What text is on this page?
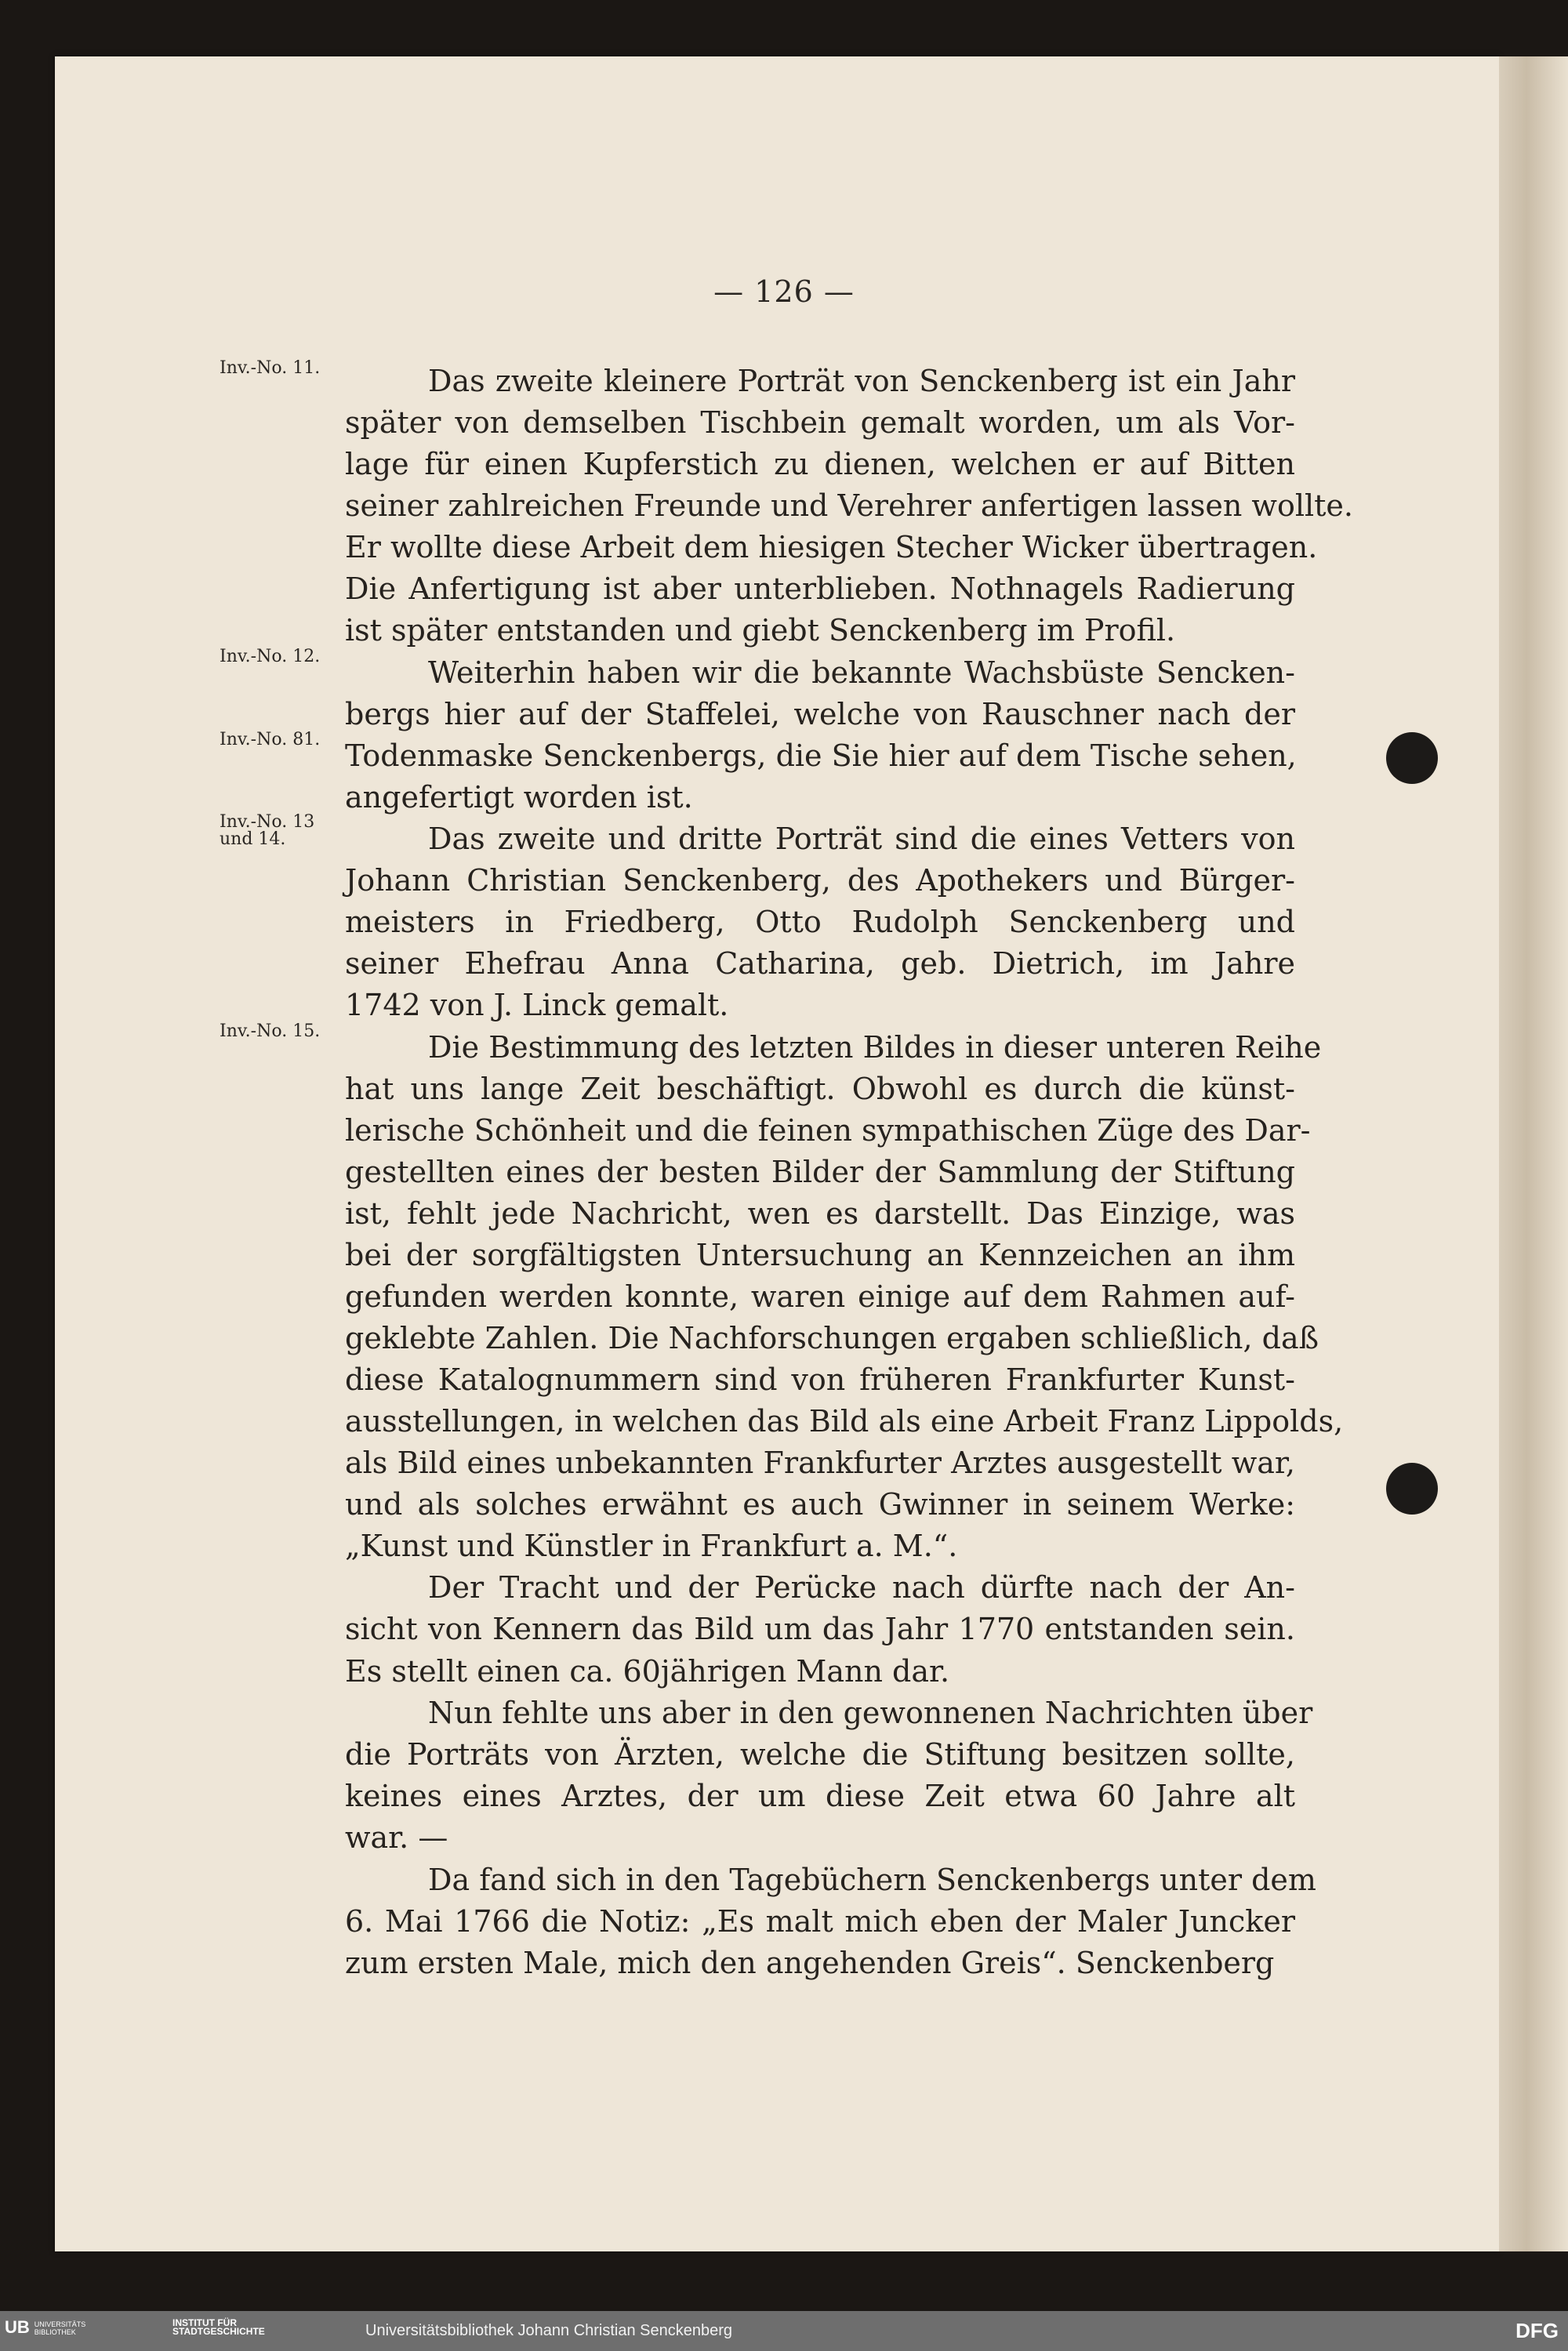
— 126 —
Inv.-No. 11.
Inv.-No. 12.
Inv.-No. 81.
Inv.-No. 13
und 14.
Inv.-No. 15.
Das zweite kleinere Porträt von Senckenberg ist ein Jahr
später von demselben Tischbein gemalt worden, um als Vor-
lage für einen Kupferstich zu dienen, welchen er auf Bitten
seiner zahlreichen Freunde und Verehrer anfertigen lassen wollte.
Er wollte diese Arbeit dem hiesigen Stecher Wicker übertragen.
Die Anfertigung ist aber unterblieben. Nothnagels Radierung
ist später entstanden und giebt Senckenberg im Profil.
Weiterhin haben wir die bekannte Wachsbüste Sencken-
bergs hier auf der Staffelei, welche von Rauschner nach der
Todenmaske Senckenbergs, die Sie hier auf dem Tische sehen,
angefertigt worden ist.
Das zweite und dritte Porträt sind die eines Vetters von
Johann Christian Senckenberg, des Apothekers und Bürger-
meisters in Friedberg, Otto Rudolph Senckenberg und
seiner Ehefrau Anna Catharina, geb. Dietrich, im Jahre
1742 von J. Linck gemalt.
Die Bestimmung des letzten Bildes in dieser unteren Reihe
hat uns lange Zeit beschäftigt. Obwohl es durch die künst-
lerische Schönheit und die feinen sympathischen Züge des Dar-
gestellten eines der besten Bilder der Sammlung der Stiftung
ist, fehlt jede Nachricht, wen es darstellt. Das Einzige, was
bei der sorgfältigsten Untersuchung an Kennzeichen an ihm
gefunden werden konnte, waren einige auf dem Rahmen auf-
geklebte Zahlen. Die Nachforschungen ergaben schließlich, daß
diese Katalognummern sind von früheren Frankfurter Kunst-
ausstellungen, in welchen das Bild als eine Arbeit Franz Lippolds,
als Bild eines unbekannten Frankfurter Arztes ausgestellt war,
und als solches erwähnt es auch Gwinner in seinem Werke:
„Kunst und Künstler in Frankfurt a. M.“.
Der Tracht und der Perücke nach dürfte nach der An-
sicht von Kennern das Bild um das Jahr 1770 entstanden sein.
Es stellt einen ca. 60jährigen Mann dar.
Nun fehlte uns aber in den gewonnenen Nachrichten über
die Porträts von Ärzten, welche die Stiftung besitzen sollte,
keines eines Arztes, der um diese Zeit etwa 60 Jahre alt
war. —
Da fand sich in den Tagebüchern Senckenbergs unter dem
6. Mai 1766 die Notiz: „Es malt mich eben der Maler Juncker
zum ersten Male, mich den angehenden Greis“. Senckenberg
UB UNIVERSITÄTS
BIBLIOTHEK
INSTITUT FÜR
STADTGESCHICHTE	Universitätsbibliothek Johann Christian Senckenberg	DFG
